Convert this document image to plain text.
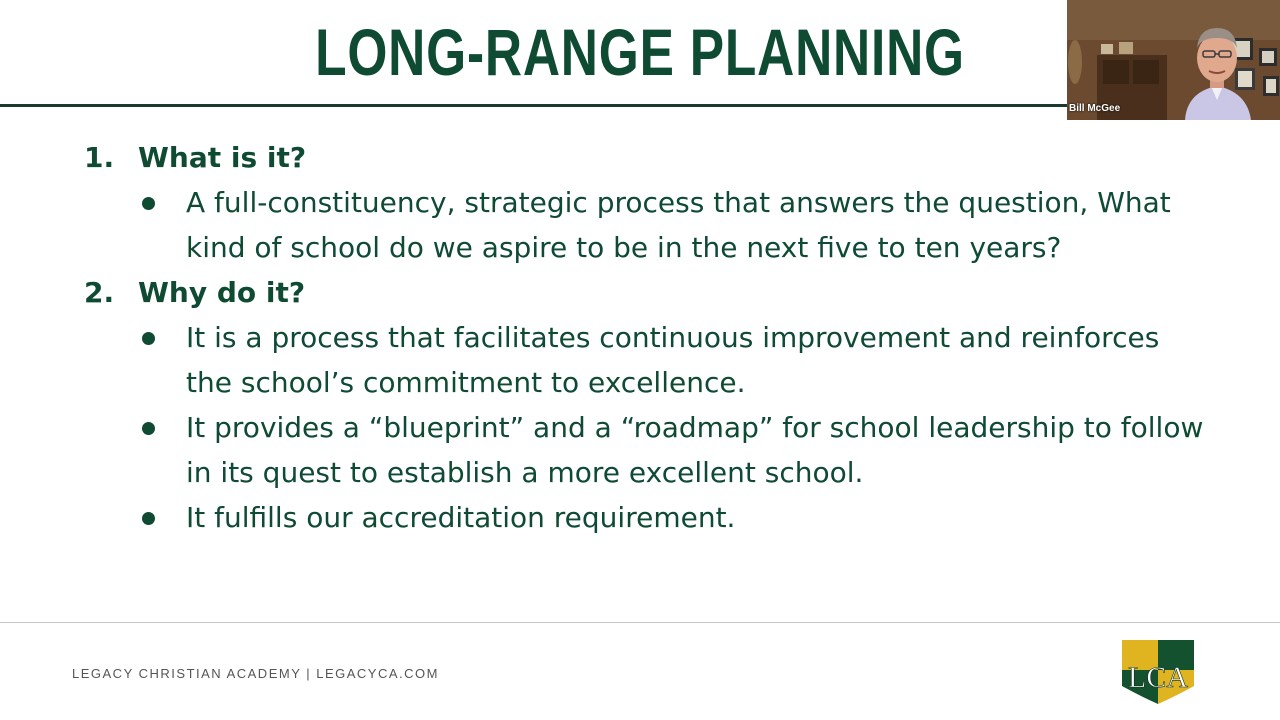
LONG-RANGE PLANNING
1. What is it?
A full-constituency, strategic process that answers the question, What kind of school do we aspire to be in the next five to ten years?
2. Why do it?
It is a process that facilitates continuous improvement and reinforces the school’s commitment to excellence.
It provides a “blueprint” and a “roadmap” for school leadership to follow in its quest to establish a more excellent school.
It fulfills our accreditation requirement.
LEGACY CHRISTIAN ACADEMY | LEGACYCA.COM	LCA
Bill McGee
